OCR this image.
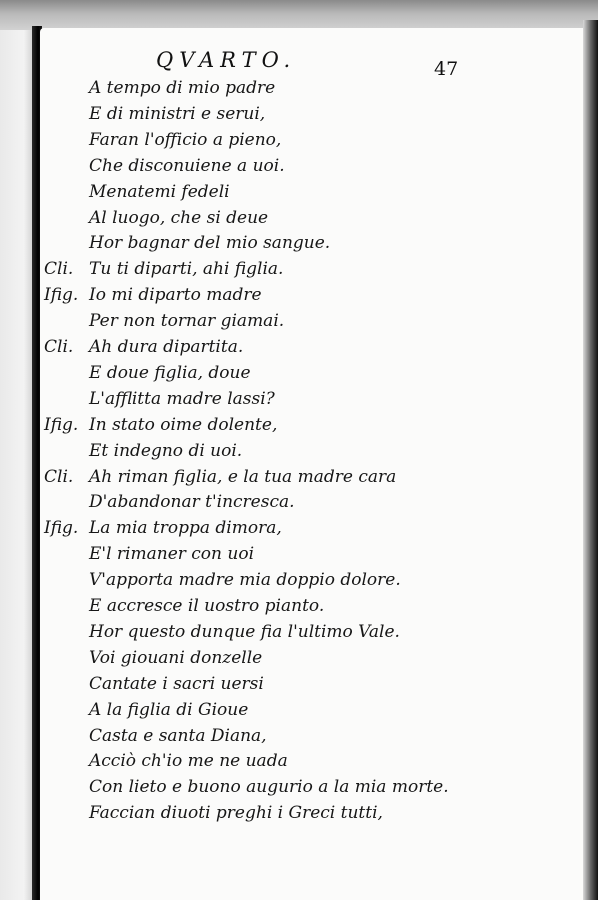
QVARTO.	47
A tempo di mio padre
E di ministri e serui,
Faran l'officio a pieno,
Che disconuiene a uoi.
Menatemi fedeli
Al luogo, che si deue
Hor bagnar del mio sangue.
Cli. Tu ti diparti, ahi figlia.
Ifig. Io mi diparto madre
Per non tornar giamai.
Cli. Ah dura dipartita.
E doue figlia, doue
L'afflitta madre lassi?
Ifig. In stato oime dolente,
Et indegno di uoi.
Cli. Ah riman figlia, e la tua madre cara
D'abandonar t'incresca.
Ifig. La mia troppa dimora,
E'l rimaner con uoi
V'apporta madre mia doppio dolore.
E accresce il uostro pianto.
Hor questo dunque fia l'ultimo Vale.
Voi giouani donzelle
Cantate i sacri uersi
A la figlia di Gioue
Casta e santa Diana,
Acciò ch'io me ne uada
Con lieto e buono augurio a la mia morte.
Faccian diuoti preghi i Greci tutti,
